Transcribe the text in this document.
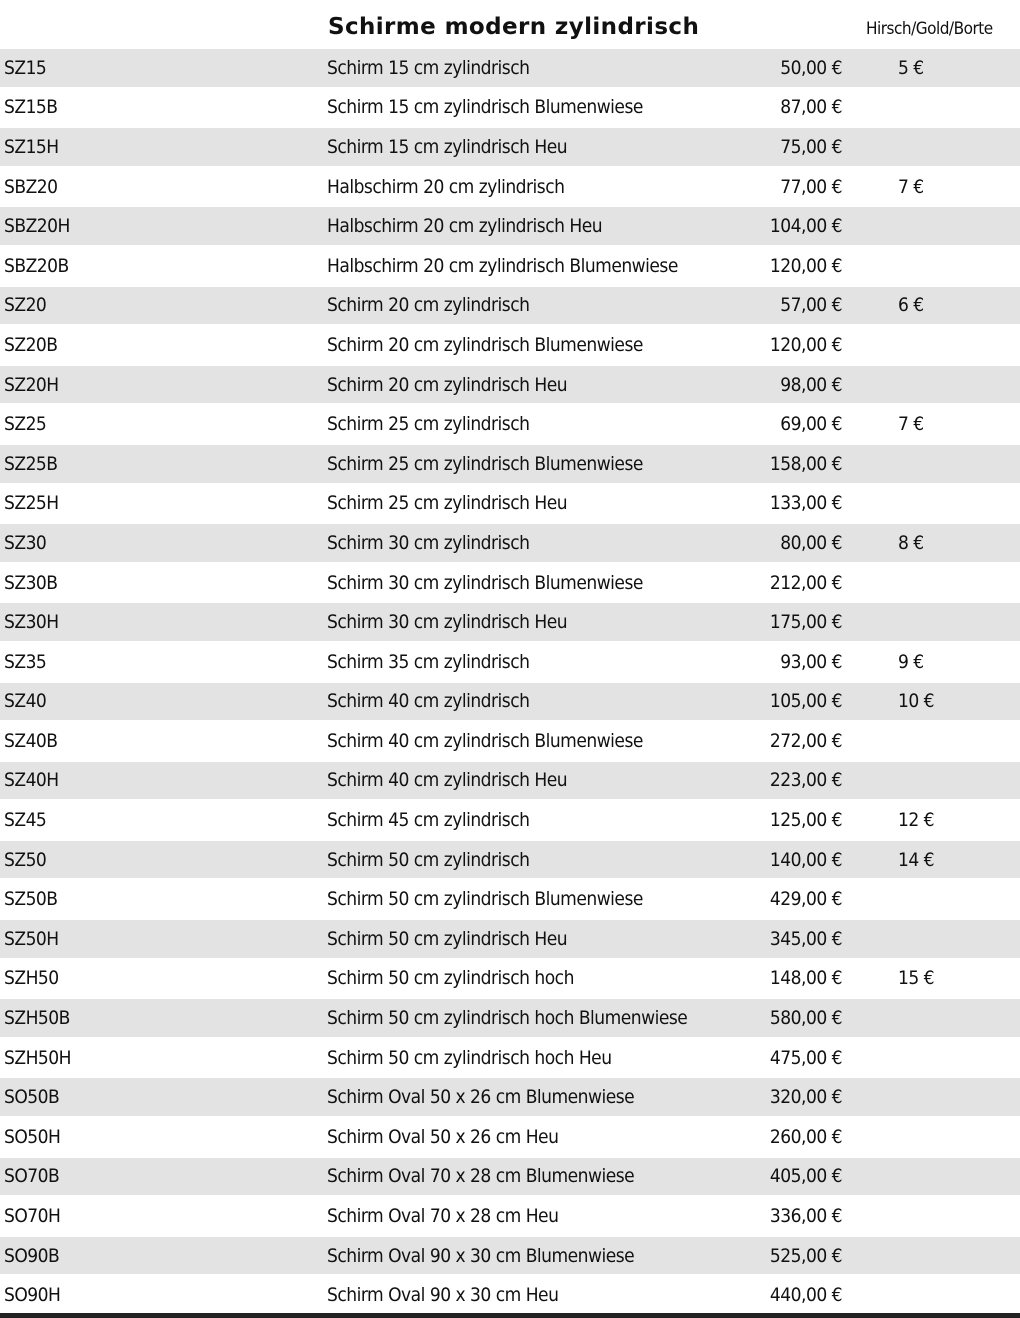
Schirme modern zylindrisch	Hirsch/Gold/Borte
SZ15	Schirm 15 cm zylindrisch	50,00 €	5 €
SZ15B	Schirm 15 cm zylindrisch Blumenwiese	87,00 €
SZ15H	Schirm 15 cm zylindrisch Heu	75,00 €
SBZ20	Halbschirm 20 cm zylindrisch	77,00 €	7 €
SBZ20H	Halbschirm 20 cm zylindrisch Heu	104,00 €
SBZ20B	Halbschirm 20 cm zylindrisch Blumenwiese	120,00 €
SZ20	Schirm 20 cm zylindrisch	57,00 €	6 €
SZ20B	Schirm 20 cm zylindrisch Blumenwiese	120,00 €
SZ20H	Schirm 20 cm zylindrisch Heu	98,00 €
SZ25	Schirm 25 cm zylindrisch	69,00 €	7 €
SZ25B	Schirm 25 cm zylindrisch Blumenwiese	158,00 €
SZ25H	Schirm 25 cm zylindrisch Heu	133,00 €
SZ30	Schirm 30 cm zylindrisch	80,00 €	8 €
SZ30B	Schirm 30 cm zylindrisch Blumenwiese	212,00 €
SZ30H	Schirm 30 cm zylindrisch Heu	175,00 €
SZ35	Schirm 35 cm zylindrisch	93,00 €	9 €
SZ40	Schirm 40 cm zylindrisch	105,00 €	10 €
SZ40B	Schirm 40 cm zylindrisch Blumenwiese	272,00 €
SZ40H	Schirm 40 cm zylindrisch Heu	223,00 €
SZ45	Schirm 45 cm zylindrisch	125,00 €	12 €
SZ50	Schirm 50 cm zylindrisch	140,00 €	14 €
SZ50B	Schirm 50 cm zylindrisch Blumenwiese	429,00 €
SZ50H	Schirm 50 cm zylindrisch Heu	345,00 €
SZH50	Schirm 50 cm zylindrisch hoch	148,00 €	15 €
SZH50B	Schirm 50 cm zylindrisch hoch Blumenwiese	580,00 €
SZH50H	Schirm 50 cm zylindrisch hoch Heu	475,00 €
SO50B	Schirm Oval 50 x 26 cm Blumenwiese	320,00 €
SO50H	Schirm Oval 50 x 26 cm Heu	260,00 €
SO70B	Schirm Oval 70 x 28 cm Blumenwiese	405,00 €
SO70H	Schirm Oval 70 x 28 cm Heu	336,00 €
SO90B	Schirm Oval 90 x 30 cm Blumenwiese	525,00 €
SO90H	Schirm Oval 90 x 30 cm Heu	440,00 €
